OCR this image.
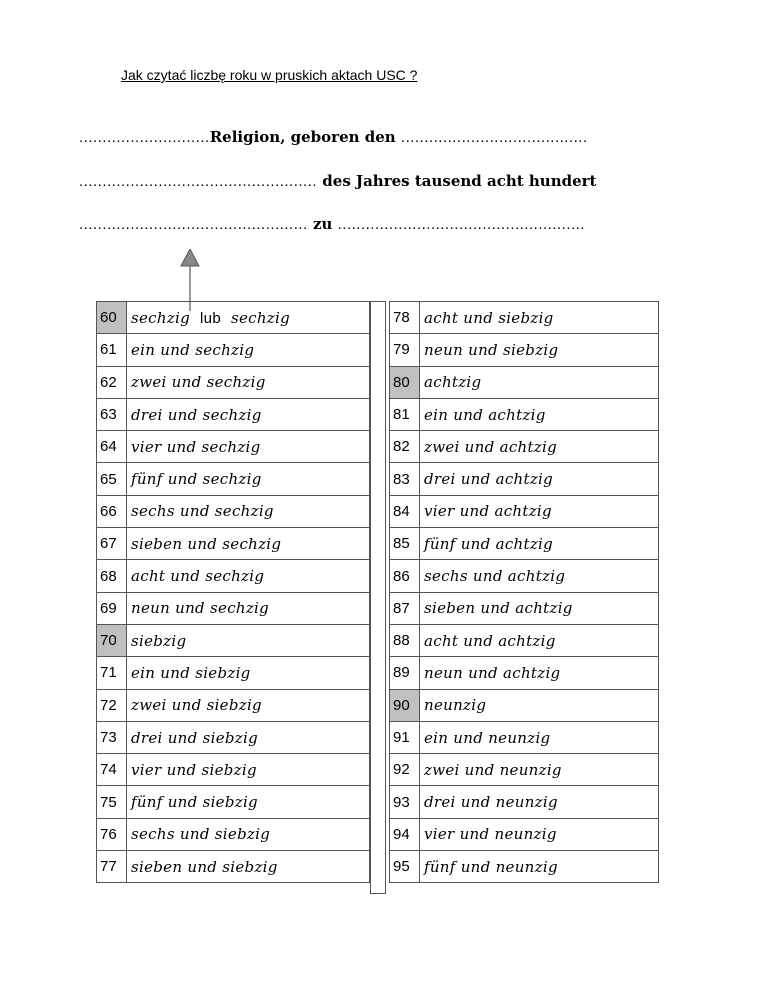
Jak czytać liczbę roku w pruskich aktach USC ?
............................Religion, geboren den ........................................
................................................... des Jahres tausend acht hundert
................................................. zu .....................................................
60	sechzig lub sechzig
61	ein und sechzig
62	zwei und sechzig
63	drei und sechzig
64	vier und sechzig
65	fünf und sechzig
66	sechs und sechzig
67	sieben und sechzig
68	acht und sechzig
69	neun und sechzig
70	siebzig
71	ein und siebzig
72	zwei und siebzig
73	drei und siebzig
74	vier und siebzig
75	fünf und siebzig
76	sechs und siebzig
77	sieben und siebzig
78	acht und siebzig
79	neun und siebzig
80	achtzig
81	ein und achtzig
82	zwei und achtzig
83	drei und achtzig
84	vier und achtzig
85	fünf und achtzig
86	sechs und achtzig
87	sieben und achtzig
88	acht und achtzig
89	neun und achtzig
90	neunzig
91	ein und neunzig
92	zwei und neunzig
93	drei und neunzig
94	vier und neunzig
95	fünf und neunzig
